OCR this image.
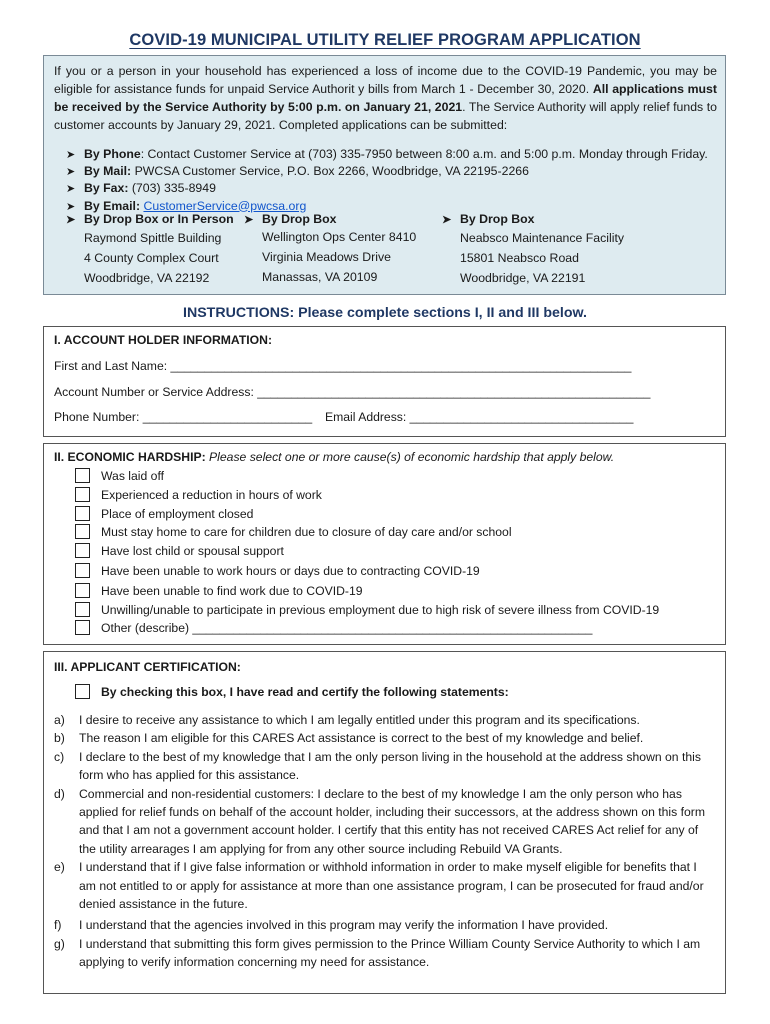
COVID-19 MUNICIPAL UTILITY RELIEF PROGRAM APPLICATION

If you or a person in your household has experienced a loss of income due to the COVID-19 Pandemic, you may be eligible for assistance funds for unpaid Service Authorit y bills from March 1 - December 30, 2020. All applications must be received by the Service Authority by 5:00 p.m. on January 21, 2021. The Service Authority will apply relief funds to customer accounts by January 29, 2021. Completed applications can be submitted:

➤ By Phone: Contact Customer Service at (703) 335-7950 between 8:00 a.m. and 5:00 p.m. Monday through Friday.
➤ By Mail: PWCSA Customer Service, P.O. Box 2266, Woodbridge, VA 22195-2266
➤ By Fax: (703) 335-8949
➤ By Email: CustomerService@pwcsa.org
➤ By Drop Box or In Person
Raymond Spittle Building
4 County Complex Court
Woodbridge, VA 22192
➤ By Drop Box
Wellington Ops Center 8410
Virginia Meadows Drive
Manassas, VA 20109
➤ By Drop Box
Neabsco Maintenance Facility
15801 Neabsco Road
Woodbridge, VA 22191
INSTRUCTIONS: Please complete sections I, II and III below.
I. ACCOUNT HOLDER INFORMATION:
First and Last Name: ____________________________________________________________________
Account Number or Service Address: __________________________________________________________
Phone Number: _________________________ Email Address: _________________________________
II. ECONOMIC HARDSHIP: Please select one or more cause(s) of economic hardship that apply below.
Was laid off
Experienced a reduction in hours of work
Place of employment closed
Must stay home to care for children due to closure of day care and/or school
Have lost child or spousal support
Have been unable to work hours or days due to contracting COVID-19
Have been unable to find work due to COVID-19
Unwilling/unable to participate in previous employment due to high risk of severe illness from COVID-19
Other (describe) ___________________________________________________________
III. APPLICANT CERTIFICATION:
By checking this box, I have read and certify the following statements:
a) I desire to receive any assistance to which I am legally entitled under this program and its specifications.
b) The reason I am eligible for this CARES Act assistance is correct to the best of my knowledge and belief.
c) I declare to the best of my knowledge that I am the only person living in the household at the address shown on this form who has applied for this assistance.
d) Commercial and non-residential customers: I declare to the best of my knowledge I am the only person who has applied for relief funds on behalf of the account holder, including their successors, at the address shown on this form and that I am not a government account holder. I certify that this entity has not received CARES Act relief for any of the utility arrearages I am applying for from any other source including Rebuild VA Grants.
e) I understand that if I give false information or withhold information in order to make myself eligible for benefits that I am not entitled to or apply for assistance at more than one assistance program, I can be prosecuted for fraud and/or denied assistance in the future.
f) I understand that the agencies involved in this program may verify the information I have provided.
g) I understand that submitting this form gives permission to the Prince William County Service Authority to which I am applying to verify information concerning my need for assistance.
